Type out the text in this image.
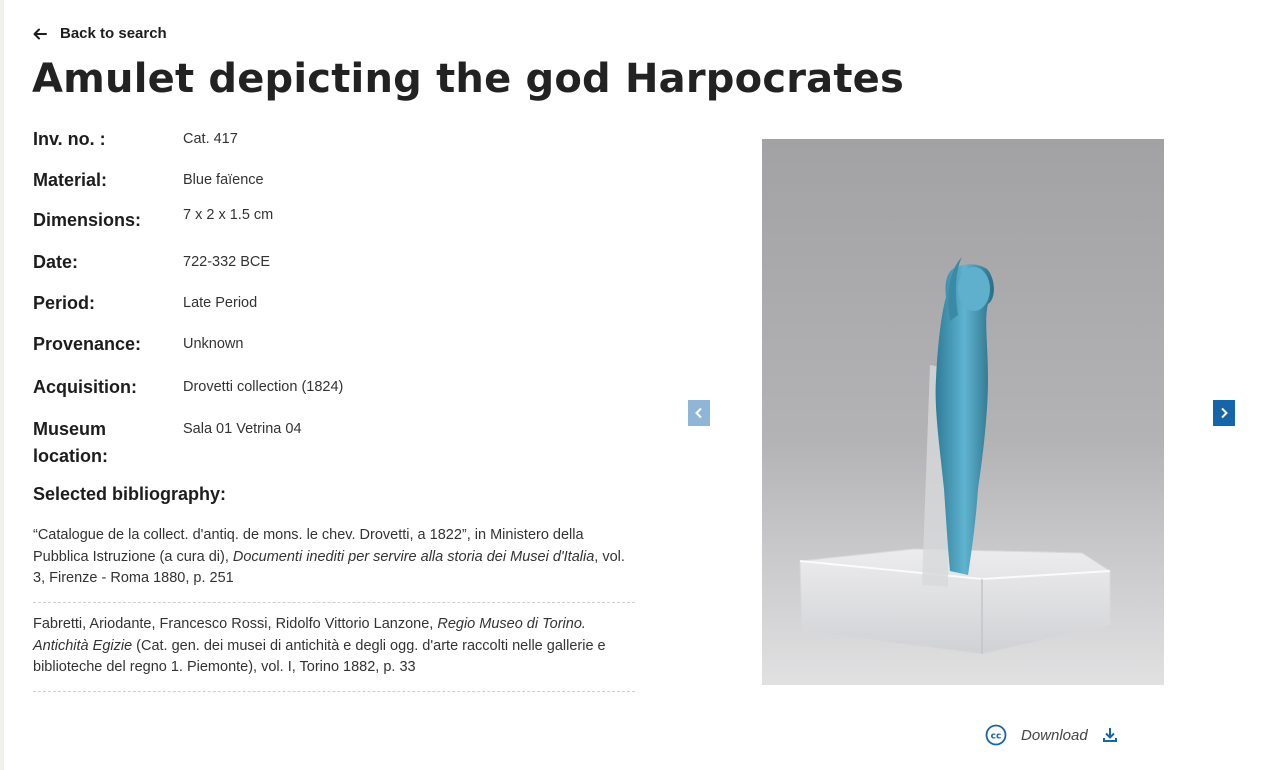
Back to search
Amulet depicting the god Harpocrates
Inv. no. :	Cat. 417
Material:	Blue faïence
Dimensions:	7 x 2 x 1.5 cm
Date:	722-332 BCE
Period:	Late Period
Provenance:	Unknown
Acquisition:	Drovetti collection (1824)
Museum location:
Sala 01 Vetrina 04
Selected bibliography:
“Catalogue de la collect. d'antiq. de mons. le chev. Drovetti, a 1822”, in Ministero della Pubblica Istruzione (a cura di), Documenti inediti per servire alla storia dei Musei d'Italia, vol. 3, Firenze - Roma 1880, p. 251
Fabretti, Ariodante, Francesco Rossi, Ridolfo Vittorio Lanzone, Regio Museo di Torino. Antichità Egizie (Cat. gen. dei musei di antichità e degli ogg. d'arte raccolti nelle gallerie e biblioteche del regno 1. Piemonte), vol. I, Torino 1882, p. 33
cc Download
